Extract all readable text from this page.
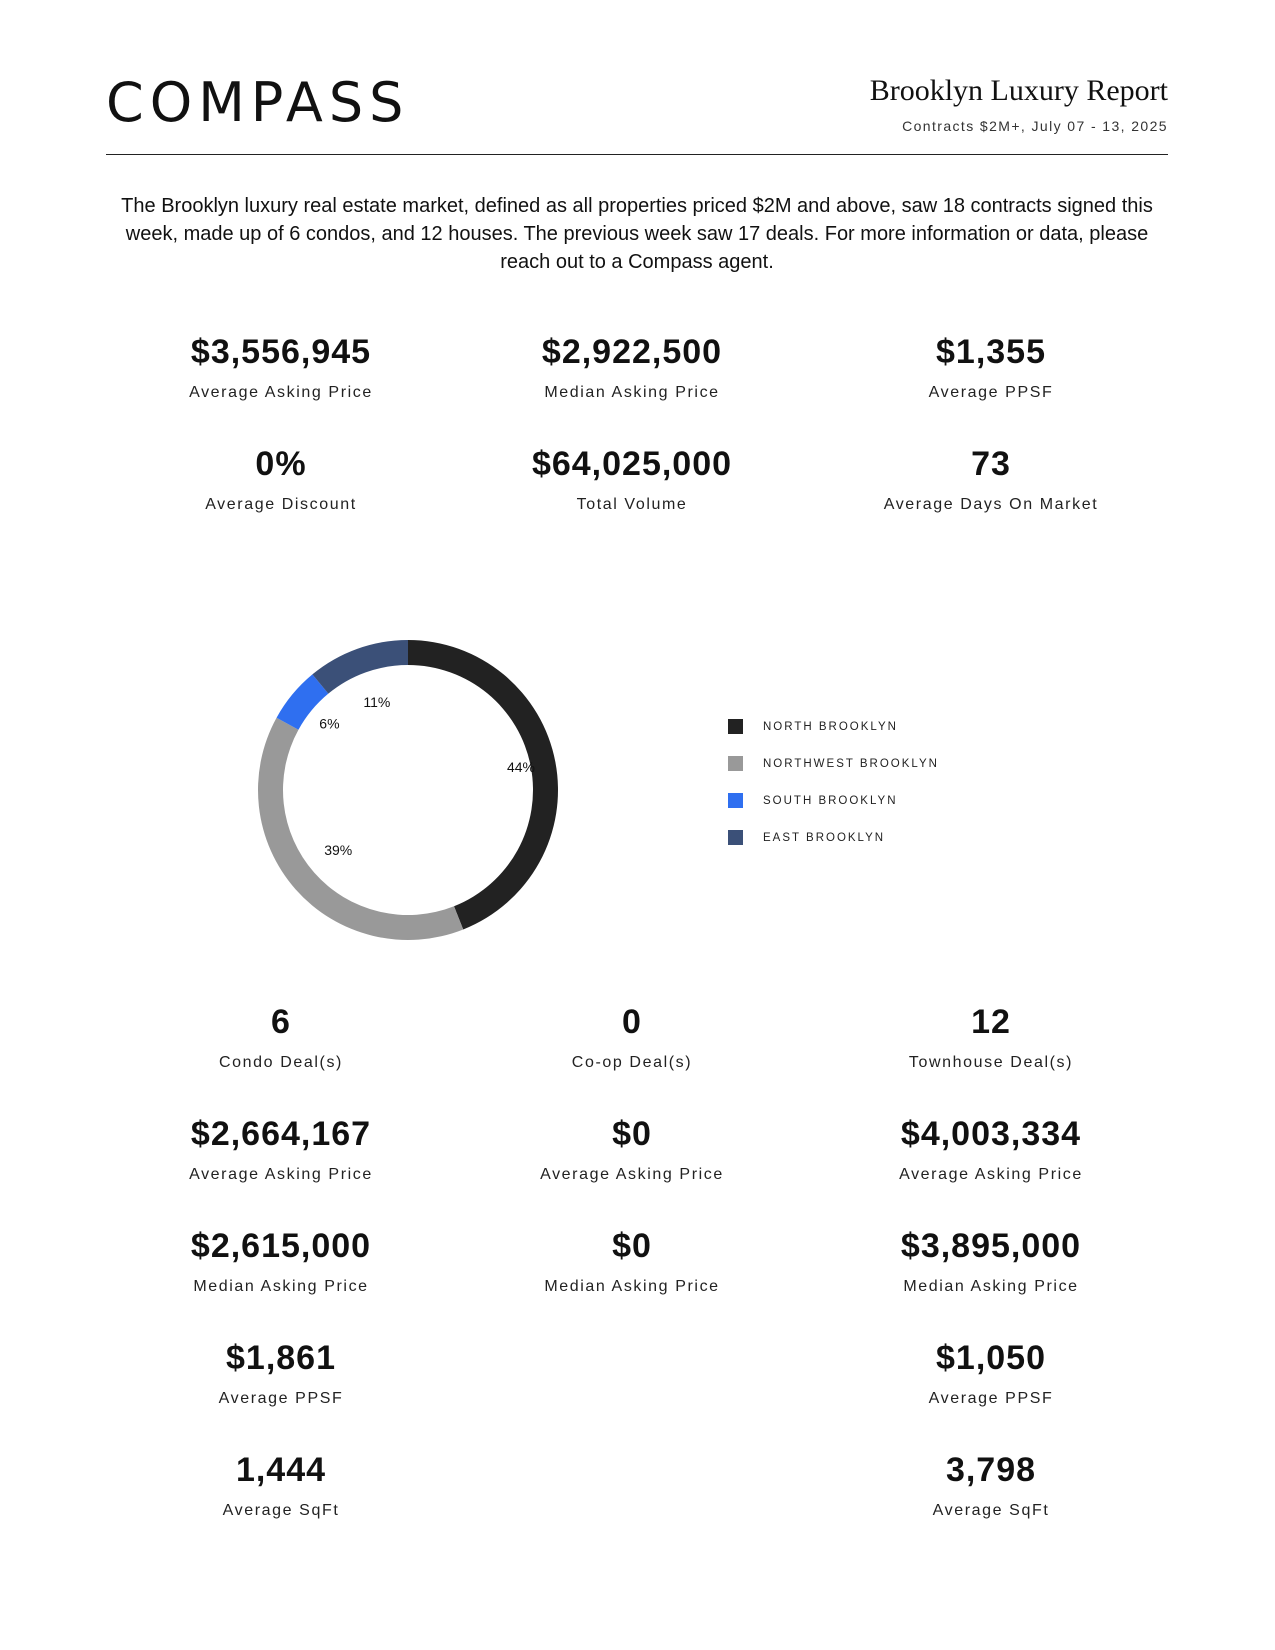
COMPASS	Brooklyn Luxury Report
Contracts $2M+, July 07 - 13, 2025
The Brooklyn luxury real estate market, defined as all properties priced $2M and above, saw 18 contracts signed this week, made up of 6 condos, and 12 houses. The previous week saw 17 deals. For more information or data, please reach out to a Compass agent.
$3,556,945
Average Asking Price
$2,922,500
Median Asking Price
$1,355
Average PPSF
0%
Average Discount
$64,025,000
Total Volume
73
Average Days On Market
44%
39%
6%
11%
NORTH BROOKLYN
NORTHWEST BROOKLYN
SOUTH BROOKLYN
EAST BROOKLYN
6
Condo Deal(s)
$2,664,167
Average Asking Price
$2,615,000
Median Asking Price
$1,861
Average PPSF
1,444
Average SqFt
0
Co-op Deal(s)
$0
Average Asking Price
$0
Median Asking Price
12
Townhouse Deal(s)
$4,003,334
Average Asking Price
$3,895,000
Median Asking Price
$1,050
Average PPSF
3,798
Average SqFt
